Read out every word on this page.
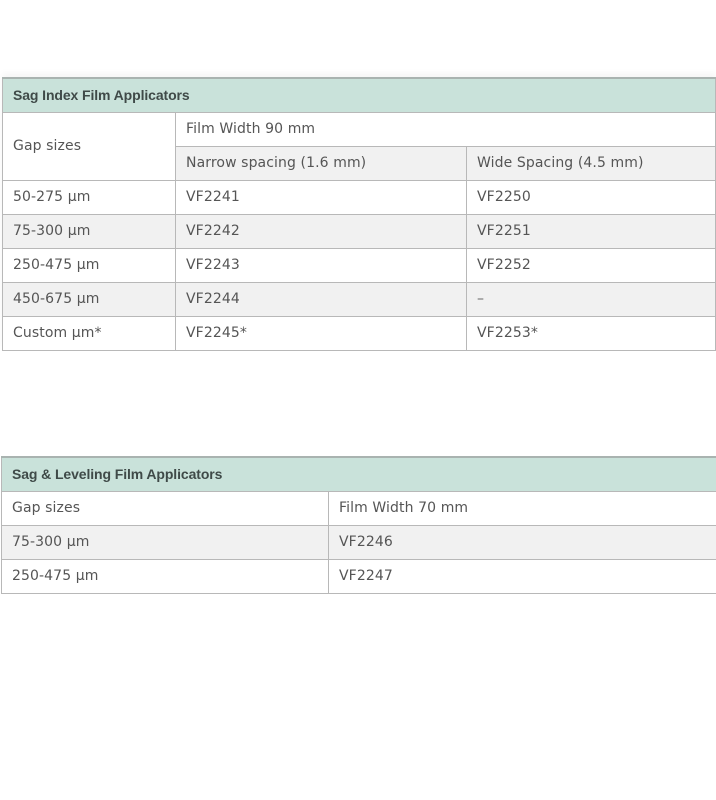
Sag Index Film Applicators		
Gap sizes	Film Width 90 mm	
	Narrow spacing (1.6 mm)	Wide Spacing (4.5 mm)
50-275 µm	VF2241	VF2250
75-300 µm	VF2242	VF2251
250-475 µm	VF2243	VF2252
450-675 µm	VF2244	–
Custom µm*	VF2245*	VF2253*
Sag & Leveling Film Applicators	
Gap sizes	Film Width 70 mm
75-300 µm	VF2246
250-475 µm	VF2247
